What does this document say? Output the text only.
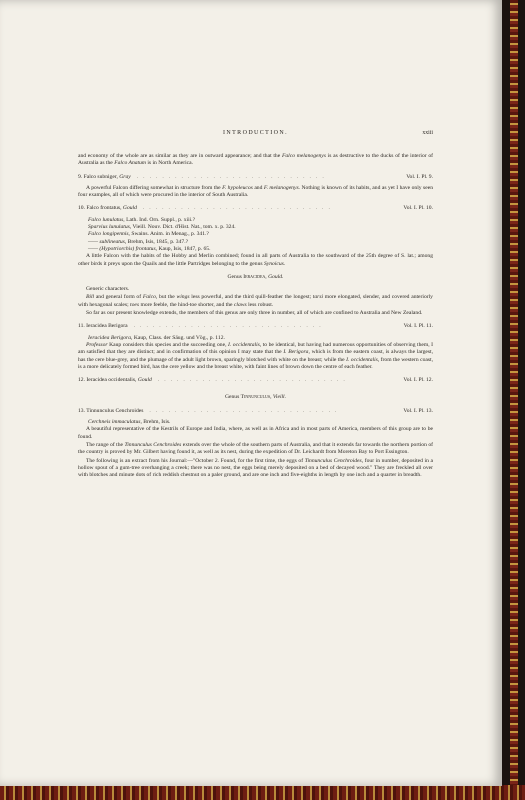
INTRODUCTION.	xxiii

and economy of the whole are as similar as they are in outward appearance; and that the Falco melanogenys is as destructive to the ducks of the interior of Australia as the Falco Anatum is in North America.

9. Falco subniger, Gray ..............................	Vol. I. Pl. 9.

A powerful Falcon differing somewhat in structure from the F. hypoleucos and F. melanogenys. Nothing is known of its habits, and as yet I have only seen four examples, all of which were procured in the interior of South Australia.

10. Falco frontatus, Gould ..............................	Vol. I. Pl. 10.

Falco lunulatus, Lath. Ind. Orn. Suppl., p. xiii.?

Sparvius lunulatus, Vieill. Nouv. Dict. d'Hist. Nat., tom. x. p. 324.

Falco longipennis, Swains. Anim. in Menag., p. 341.?

—— sublineatus, Brehm, Isis, 1845, p. 347.?

—— (Hypotriorchis) frontatus, Kaup, Isis, 1847, p. 65.

A little Falcon with the habits of the Hobby and Merlin combined; found in all parts of Australia to the southward of the 25th degree of S. lat.; among other birds it preys upon the Quails and the little Partridges belonging to the genus Synoicus.

Genus Ieracidea, Gould.

Generic characters.

Bill and general form of Falco, but the wings less powerful, and the third quill-feather the longest; tarsi more elongated, slender, and covered anteriorly with hexagonal scales; toes more feeble, the hind-toe shorter, and the claws less robust.

So far as our present knowledge extends, the members of this genus are only three in number, all of which are confined to Australia and New Zealand.

11. Ieracidea Berigora ..............................	Vol. I. Pl. 11.

Ieracidea Berigora, Kaup, Class. der Säug. und Vög., p. 112.

Professor Kaup considers this species and the succeeding one, I. occidentalis, to be identical, but having had numerous opportunities of observing them, I am satisfied that they are distinct; and in confirmation of this opinion I may state that the I. Berigora, which is from the eastern coast, is always the largest, has the cere blue-grey, and the plumage of the adult light brown, sparingly blotched with white on the breast; while the I. occidentalis, from the western coast, is a more delicately formed bird, has the cere yellow and the breast white, with faint lines of brown down the centre of each feather.

12. Ieracidea occidentalis, Gould ..............................	Vol. I. Pl. 12.
Genus Tinnunculus, Vieill.
13. Tinnunculus Cenchroides ..............................	Vol. I. Pl. 13.

Cerchneis immaculatus, Brehm, Isis.

A beautiful representative of the Kestrils of Europe and India, where, as well as in Africa and in most parts of America, members of this group are to be found.

The range of the Tinnunculus Cenchroides extends over the whole of the southern parts of Australia, and that it extends far towards the northern portion of the country is proved by Mr. Gilbert having found it, as well as its nest, during the expedition of Dr. Leichardt from Moreton Bay to Port Essington.

The following is an extract from his Journal:—"October 2. Found, for the first time, the eggs of Tinnunculus Cenchroides, four in number, deposited in a hollow spout of a gum-tree overhanging a creek; there was no nest, the eggs being merely deposited on a bed of decayed wood." They are freckled all over with blotches and minute dots of rich reddish chestnut on a paler ground, and are one inch and five-eighths in length by one inch and a quarter in breadth.
